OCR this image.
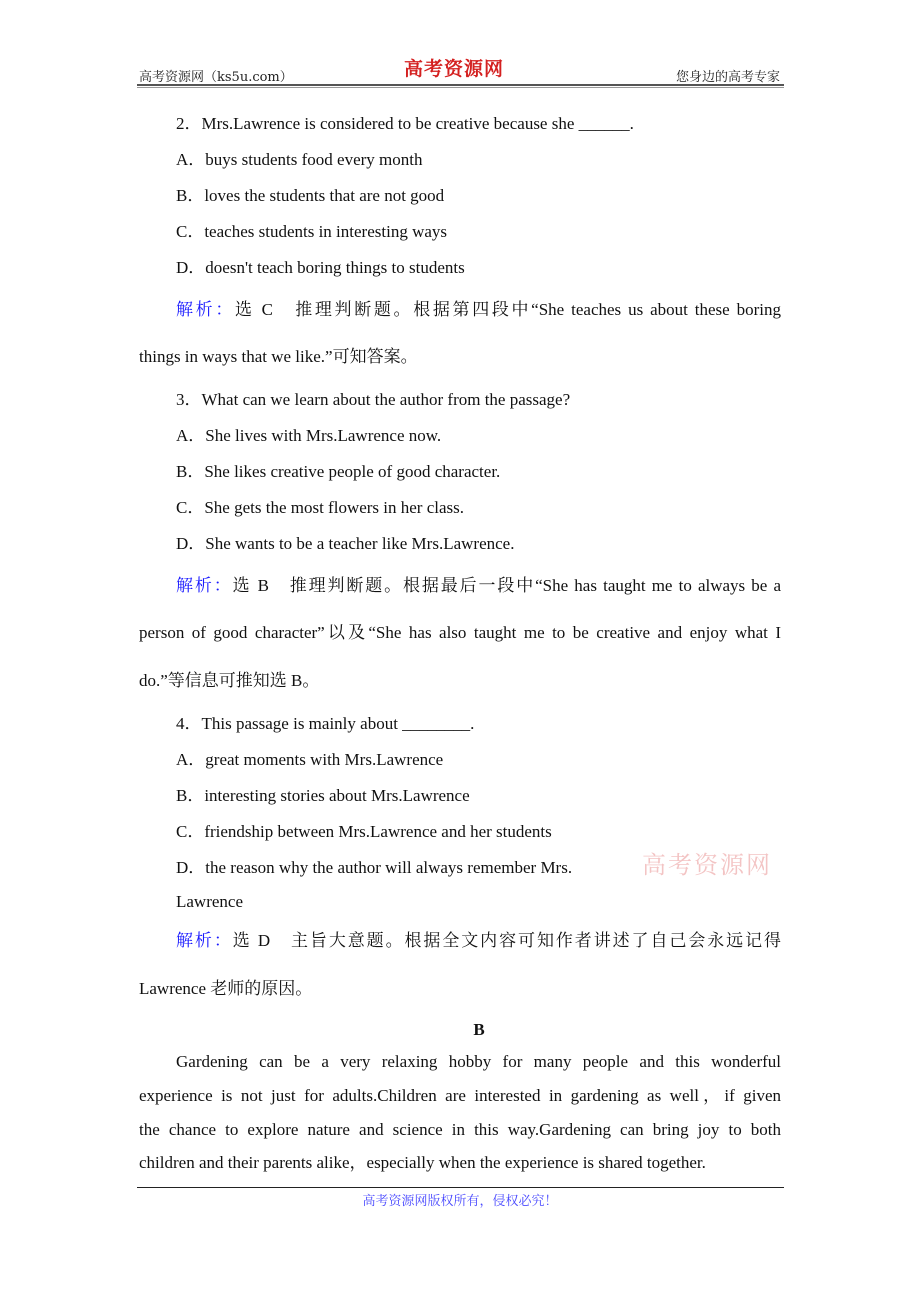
高考资源网（ks5u.com）	高考资源网	您身边的高考专家
2．Mrs.Lawrence is considered to be creative because she ______.
A．buys students food every month
B．loves the students that are not good
C．teaches students in interesting ways
D．doesn't teach boring things to students
解析：选 C　推理判断题。根据第四段中“She teaches us about these boring
things in ways that we like.”可知答案。
3．What can we learn about the author from the passage?
A．She lives with Mrs.Lawrence now.
B．She likes creative people of good character.
C．She gets the most flowers in her class.
D．She wants to be a teacher like Mrs.Lawrence.
解析：选 B　推理判断题。根据最后一段中“She has taught me to always be a
person of good character”以及“She has also taught me to be creative and enjoy what I
do.”等信息可推知选 B。
4．This passage is mainly about ________.
A．great moments with Mrs.Lawrence
B．interesting stories about Mrs.Lawrence
C．friendship between Mrs.Lawrence and her students
D．the reason why the author will always remember Mrs.
Lawrence
高考资源网
解析：选 D　主旨大意题。根据全文内容可知作者讲述了自己会永远记得
Lawrence 老师的原因。
B
Gardening can be a very relaxing hobby for many people and this wonderful
experience is not just for adults.Children are interested in gardening as well，if given
the chance to explore nature and science in this way.Gardening can bring joy to both
children and their parents alike，especially when the experience is shared together.
高考资源网版权所有，侵权必究！
